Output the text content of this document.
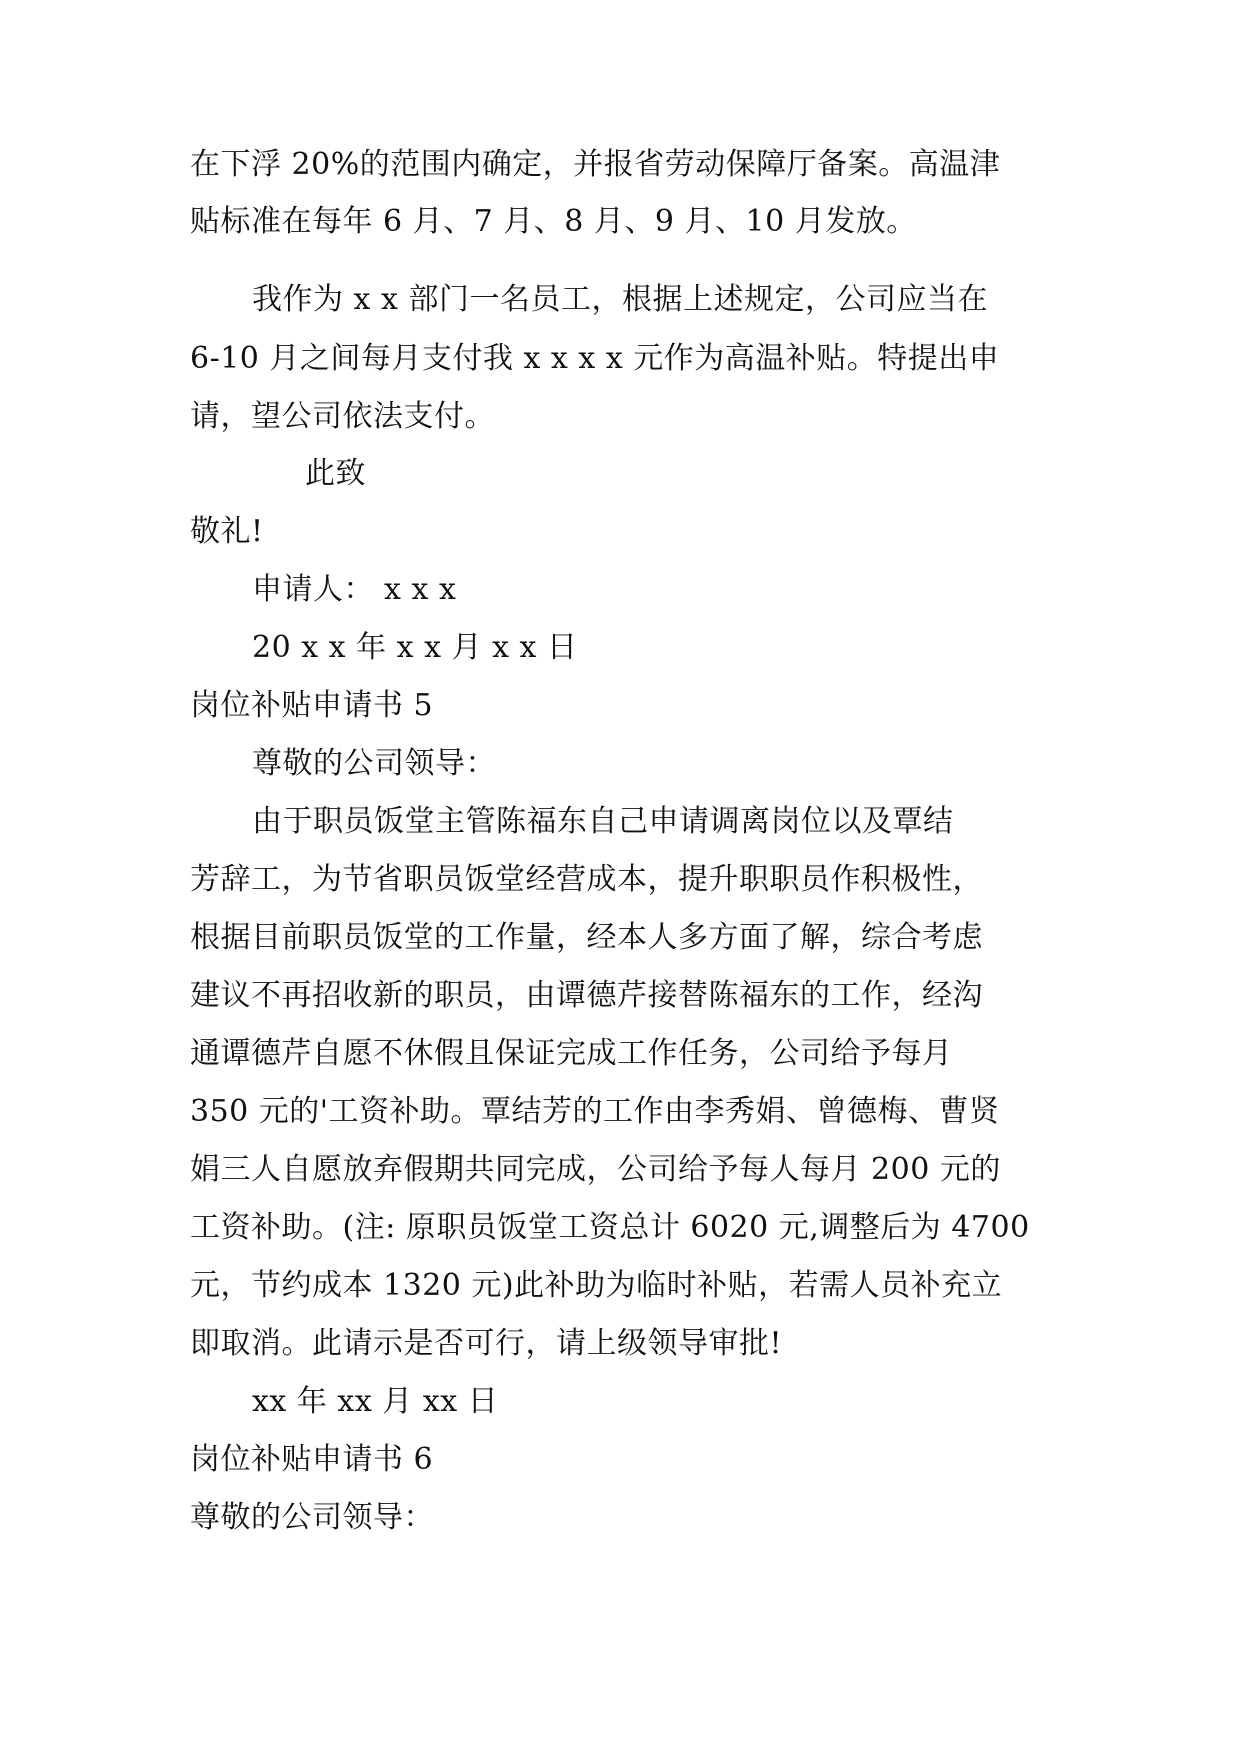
在下浮 20%的范围内确定，并报省劳动保障厅备案。高温津
贴标准在每年 6 月、7 月、8 月、9 月、10 月发放。
我作为 x x 部门一名员工，根据上述规定，公司应当在
6-10 月之间每月支付我 x x x x 元作为高温补贴。特提出申
请，望公司依法支付。
此致
敬礼!
申请人： x x x
20 x x 年 x x 月 x x 日
岗位补贴申请书 5
尊敬的公司领导：
由于职员饭堂主管陈福东自己申请调离岗位以及覃结
芳辞工，为节省职员饭堂经营成本，提升职职员作积极性，
根据目前职员饭堂的工作量，经本人多方面了解，综合考虑
建议不再招收新的职员，由谭德芹接替陈福东的工作，经沟
通谭德芹自愿不休假且保证完成工作任务，公司给予每月
350 元的'工资补助。覃结芳的工作由李秀娟、曾德梅、曹贤
娟三人自愿放弃假期共同完成，公司给予每人每月 200 元的
工资补助。(注: 原职员饭堂工资总计 6020 元,调整后为 4700
元，节约成本 1320 元)此补助为临时补贴，若需人员补充立
即取消。此请示是否可行，请上级领导审批!
xx 年 xx 月 xx 日
岗位补贴申请书 6
尊敬的公司领导：
